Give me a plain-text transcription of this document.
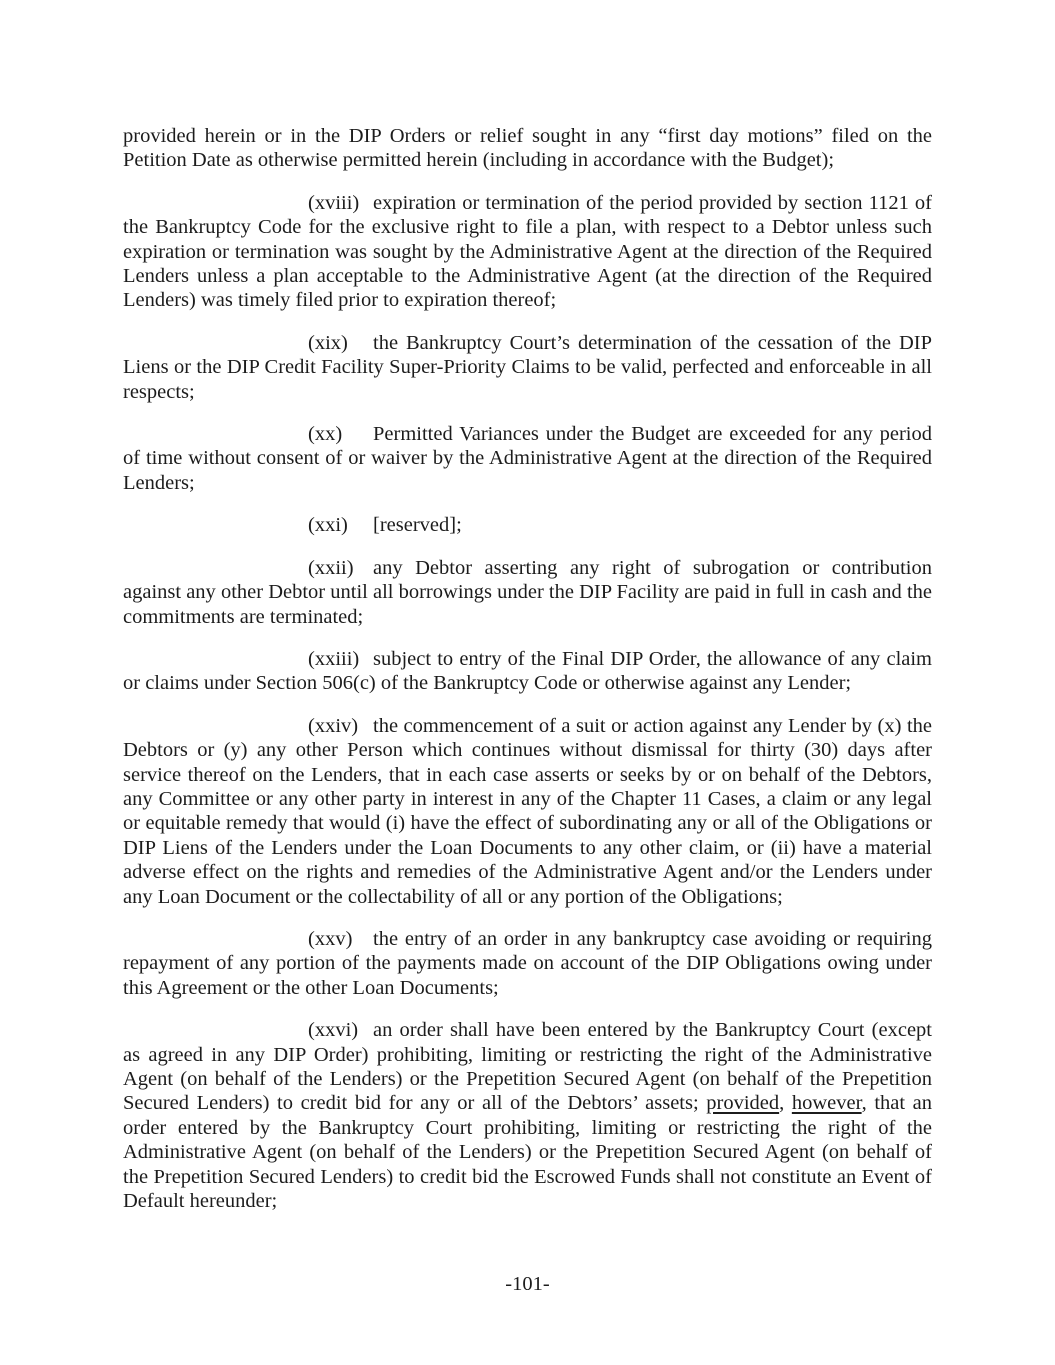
provided herein or in the DIP Orders or relief sought in any “first day motions” filed on the Petition Date as otherwise permitted herein (including in accordance with the Budget);

(xviii) expiration or termination of the period provided by section 1121 of the Bankruptcy Code for the exclusive right to file a plan, with respect to a Debtor unless such expiration or termination was sought by the Administrative Agent at the direction of the Required Lenders unless a plan acceptable to the Administrative Agent (at the direction of the Required Lenders) was timely filed prior to expiration thereof;

(xix) the Bankruptcy Court’s determination of the cessation of the DIP Liens or the DIP Credit Facility Super-Priority Claims to be valid, perfected and enforceable in all respects;

(xx) Permitted Variances under the Budget are exceeded for any period of time without consent of or waiver by the Administrative Agent at the direction of the Required Lenders;

(xxi) [reserved];

(xxii) any Debtor asserting any right of subrogation or contribution against any other Debtor until all borrowings under the DIP Facility are paid in full in cash and the commitments are terminated;

(xxiii) subject to entry of the Final DIP Order, the allowance of any claim or claims under Section 506(c) of the Bankruptcy Code or otherwise against any Lender;

(xxiv) the commencement of a suit or action against any Lender by (x) the Debtors or (y) any other Person which continues without dismissal for thirty (30) days after service thereof on the Lenders, that in each case asserts or seeks by or on behalf of the Debtors, any Committee or any other party in interest in any of the Chapter 11 Cases, a claim or any legal or equitable remedy that would (i) have the effect of subordinating any or all of the Obligations or DIP Liens of the Lenders under the Loan Documents to any other claim, or (ii) have a material adverse effect on the rights and remedies of the Administrative Agent and/or the Lenders under any Loan Document or the collectability of all or any portion of the Obligations;

(xxv) the entry of an order in any bankruptcy case avoiding or requiring repayment of any portion of the payments made on account of the DIP Obligations owing under this Agreement or the other Loan Documents;

(xxvi) an order shall have been entered by the Bankruptcy Court (except as agreed in any DIP Order) prohibiting, limiting or restricting the right of the Administrative Agent (on behalf of the Lenders) or the Prepetition Secured Agent (on behalf of the Prepetition Secured Lenders) to credit bid for any or all of the Debtors’ assets; provided, however, that an order entered by the Bankruptcy Court prohibiting, limiting or restricting the right of the Administrative Agent (on behalf of the Lenders) or the Prepetition Secured Agent (on behalf of the Prepetition Secured Lenders) to credit bid the Escrowed Funds shall not constitute an Event of Default hereunder;

-101-
